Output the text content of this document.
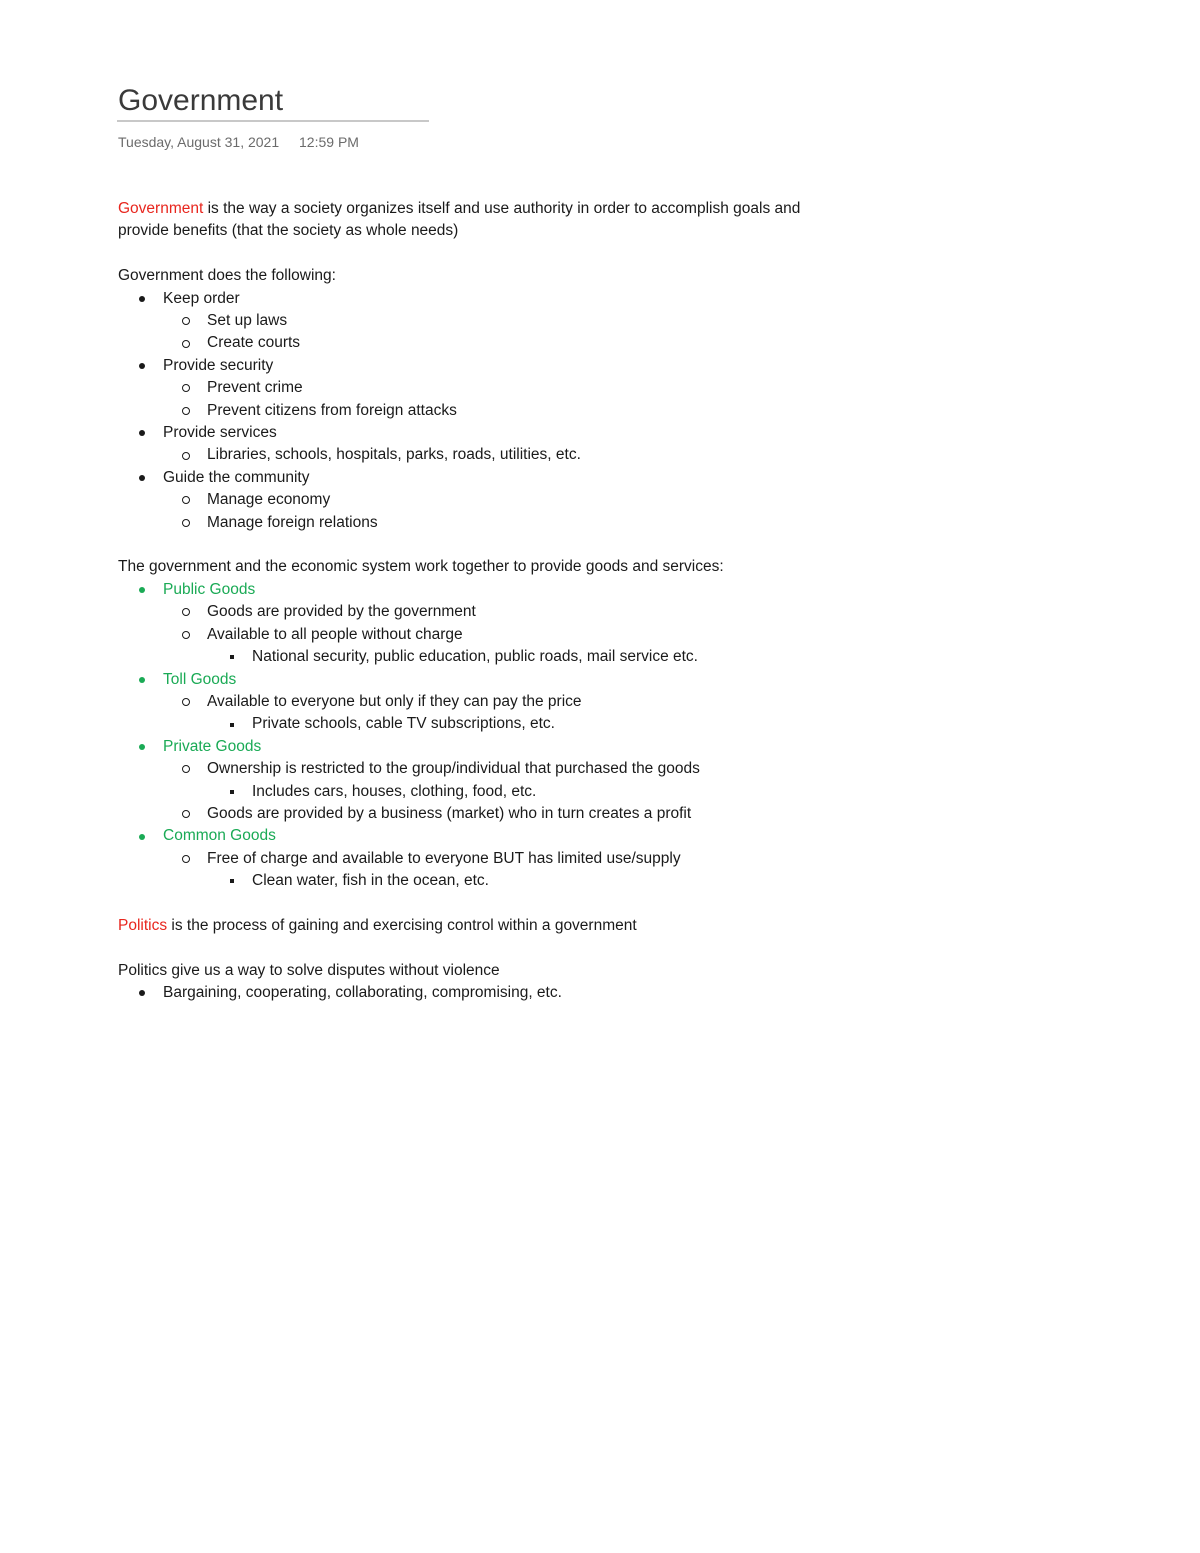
Government
Tuesday, August 31, 2021 12:59 PM

Government is the way a society organizes itself and use authority in order to accomplish goals and

provide benefits (that the society as whole needs)

Government does the following:

Keep order
Set up laws
Create courts
Provide security
Prevent crime
Prevent citizens from foreign attacks
Provide services
Libraries, schools, hospitals, parks, roads, utilities, etc.
Guide the community
Manage economy
Manage foreign relations

The government and the economic system work together to provide goods and services:

Public Goods
Goods are provided by the government
Available to all people without charge
National security, public education, public roads, mail service etc.
Toll Goods
Available to everyone but only if they can pay the price
Private schools, cable TV subscriptions, etc.
Private Goods
Ownership is restricted to the group/individual that purchased the goods
Includes cars, houses, clothing, food, etc.
Goods are provided by a business (market) who in turn creates a profit
Common Goods
Free of charge and available to everyone BUT has limited use/supply
Clean water, fish in the ocean, etc.

Politics is the process of gaining and exercising control within a government

Politics give us a way to solve disputes without violence

Bargaining, cooperating, collaborating, compromising, etc.
